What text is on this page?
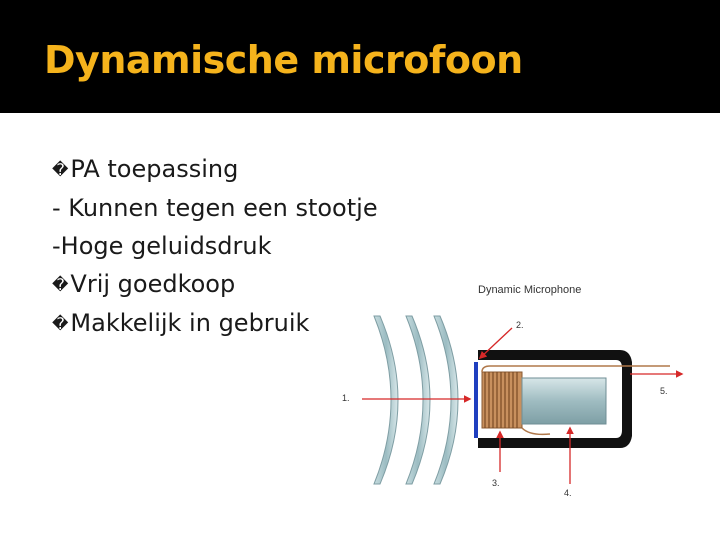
Dynamische microfoon
�PA toepassing
- Kunnen tegen een stootje
-Hoge geluidsdruk
�Vrij goedkoop
�Makkelijk in gebruik
Dynamic Microphone
1.
2.
3.
4.
5.
